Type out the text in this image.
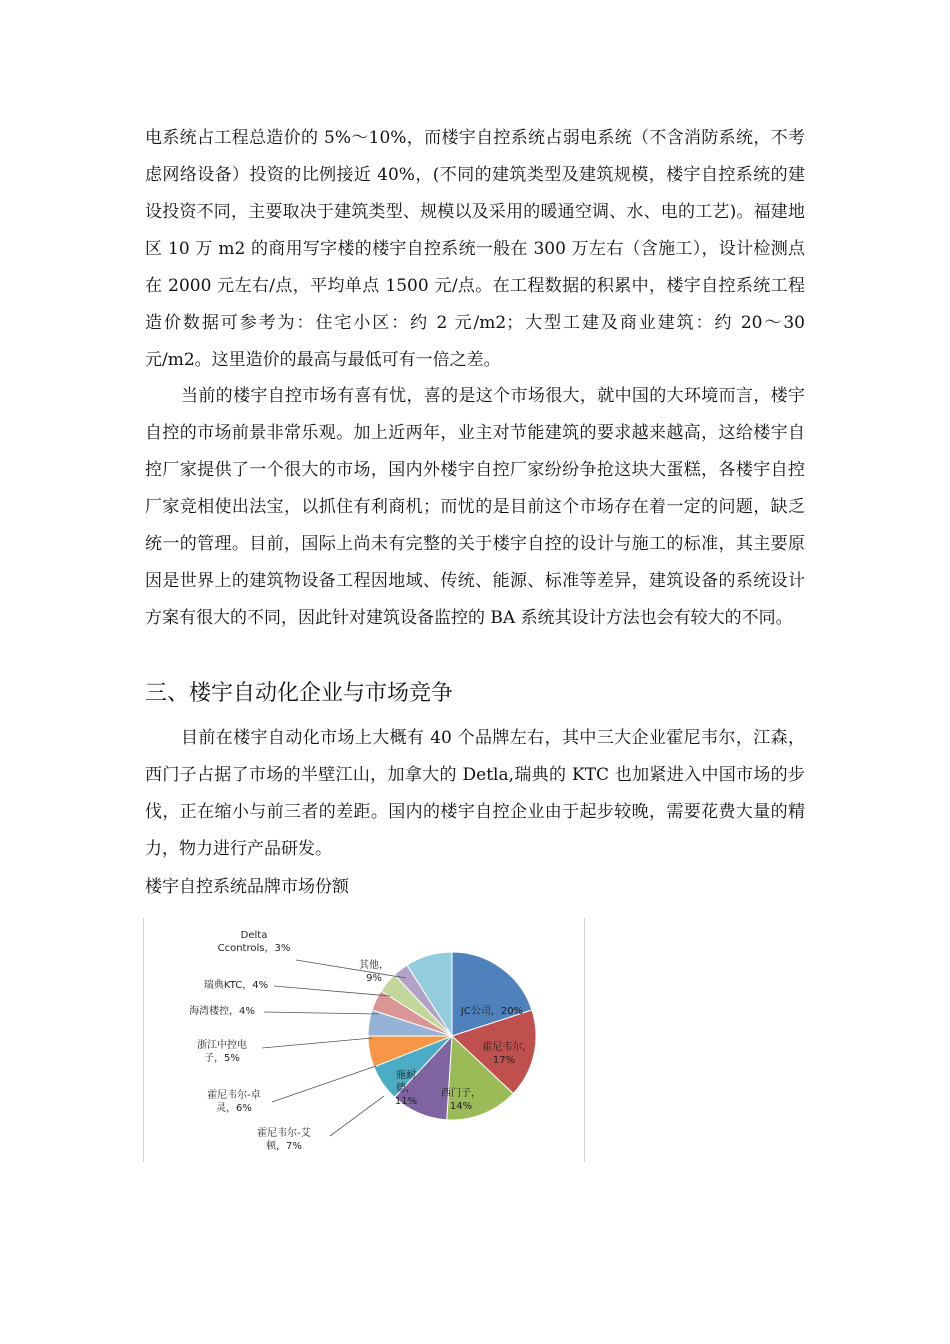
电系统占工程总造价的 5%～10%，而楼宇自控系统占弱电系统（不含消防系统，不考虑网络设备）投资的比例接近 40%，(不同的建筑类型及建筑规模，楼宇自控系统的建设投资不同，主要取决于建筑类型、规模以及采用的暖通空调、水、电的工艺)。福建地区 10 万 m2 的商用写字楼的楼宇自控系统一般在 300 万左右（含施工），设计检测点在 2000 元左右/点，平均单点 1500 元/点。在工程数据的积累中，楼宇自控系统工程造价数据可参考为：住宅小区：约 2 元/m2；大型工建及商业建筑：约 20～30 元/m2。这里造价的最高与最低可有一倍之差。

当前的楼宇自控市场有喜有忧，喜的是这个市场很大，就中国的大环境而言，楼宇自控的市场前景非常乐观。加上近两年，业主对节能建筑的要求越来越高，这给楼宇自控厂家提供了一个很大的市场，国内外楼宇自控厂家纷纷争抢这块大蛋糕，各楼宇自控厂家竞相使出法宝，以抓住有利商机；而忧的是目前这个市场存在着一定的问题，缺乏统一的管理。目前，国际上尚未有完整的关于楼宇自控的设计与施工的标准，其主要原因是世界上的建筑物设备工程因地域、传统、能源、标准等差异，建筑设备的系统设计方案有很大的不同，因此针对建筑设备监控的 BA 系统其设计方法也会有较大的不同。

三、楼宇自动化企业与市场竞争

目前在楼宇自动化市场上大概有 40 个品牌左右，其中三大企业霍尼韦尔，江森，西门子占据了市场的半壁江山，加拿大的 Detla,瑞典的 KTC 也加紧进入中国市场的步伐，正在缩小与前三者的差距。国内的楼宇自控企业由于起步较晚，需要花费大量的精力，物力进行产品研发。

楼宇自控系统品牌市场份额

JC公司，20%
霍尼韦尔, 17%
西门子， 14%
施耐德， 11%
霍尼韦尔-艾顿，7%
霍尼韦尔-卓灵，6%
浙江中控电子，5%
海湾楼控，4%
瑞典KTC，4%
Delta Ccontrols，3%
其他， 9%
